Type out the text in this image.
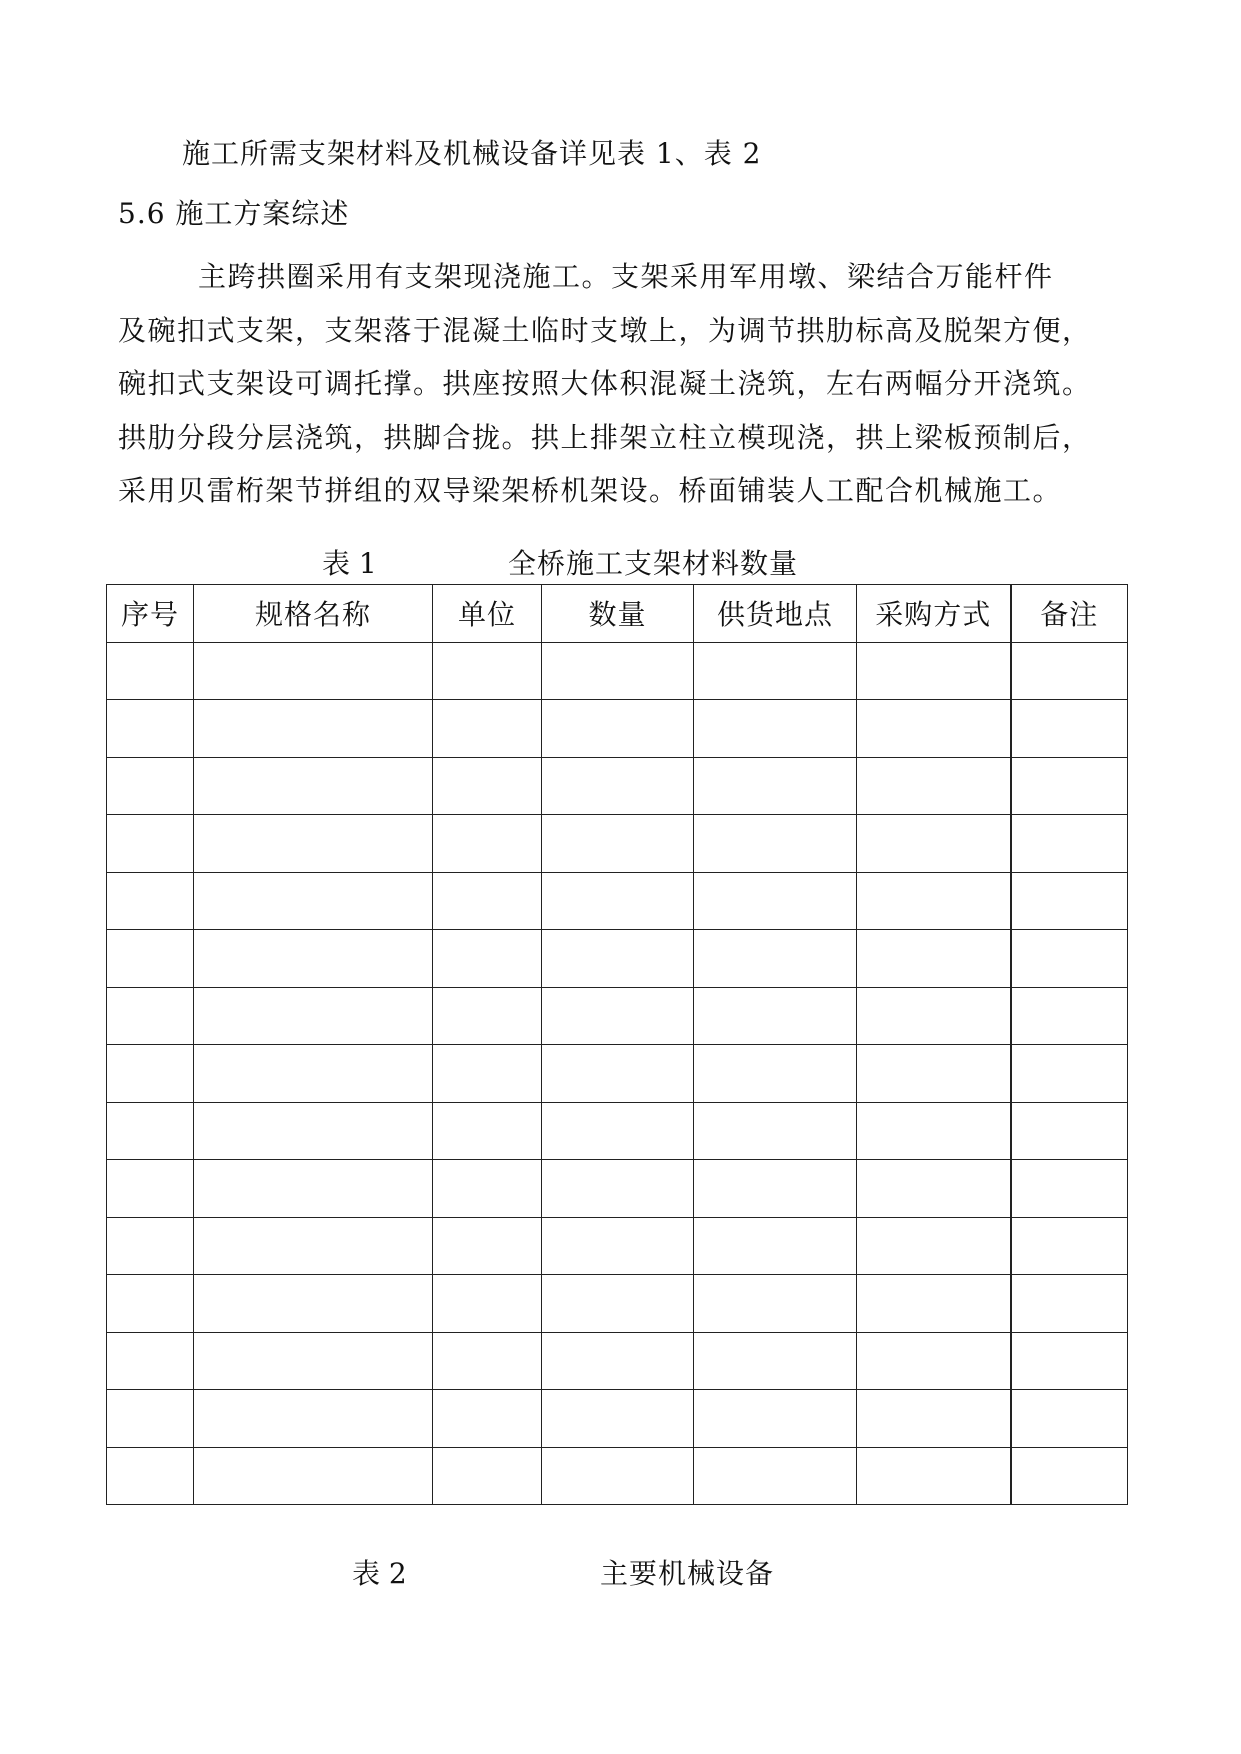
施工所需支架材料及机械设备详见表 1、表 2
5.6 施工方案综述
主跨拱圈采用有支架现浇施工。支架采用军用墩、梁结合万能杆件
及碗扣式支架，支架落于混凝土临时支墩上，为调节拱肋标高及脱架方便，
碗扣式支架设可调托撑。拱座按照大体积混凝土浇筑，左右两幅分开浇筑。
拱肋分段分层浇筑，拱脚合拢。拱上排架立柱立模现浇，拱上梁板预制后，
采用贝雷桁架节拼组的双导梁架桥机架设。桥面铺装人工配合机械施工。
表 1	全桥施工支架材料数量
序号	规格名称	单位	数量	供货地点	采购方式	备注

表 2	主要机械设备
